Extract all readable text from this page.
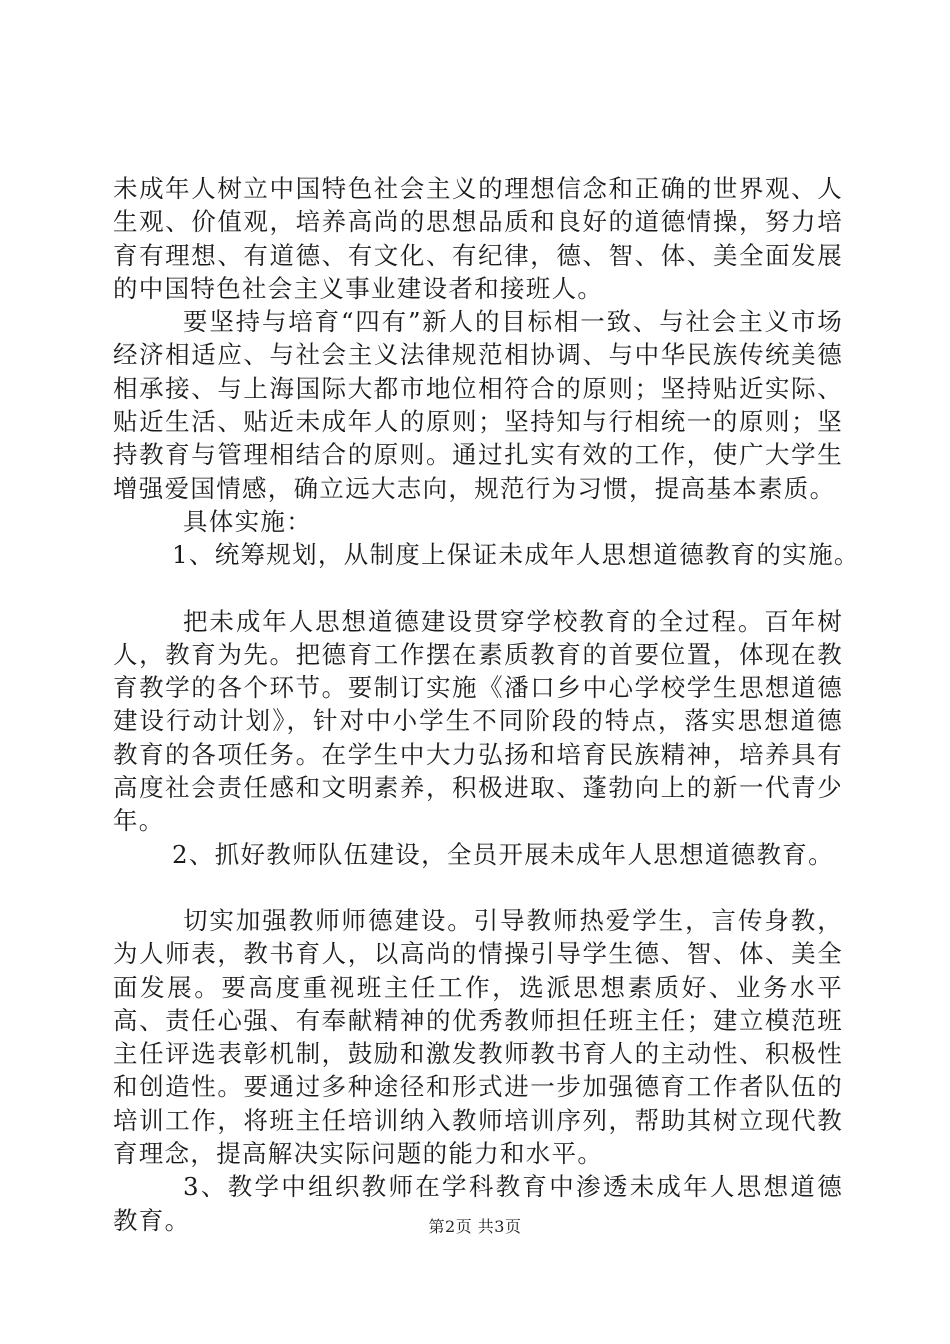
未成年人树立中国特色社会主义的理想信念和正确的世界观、人生观、价值观，培养高尚的思想品质和良好的道德情操，努力培育有理想、有道德、有文化、有纪律，德、智、体、美全面发展的中国特色社会主义事业建设者和接班人。

要坚持与培育“四有”新人的目标相一致、与社会主义市场经济相适应、与社会主义法律规范相协调、与中华民族传统美德相承接、与上海国际大都市地位相符合的原则；坚持贴近实际、贴近生活、贴近未成年人的原则；坚持知与行相统一的原则；坚持教育与管理相结合的原则。通过扎实有效的工作，使广大学生增强爱国情感，确立远大志向，规范行为习惯，提高基本素质。

具体实施：

1、统筹规划，从制度上保证未成年人思想道德教育的实施。

把未成年人思想道德建设贯穿学校教育的全过程。百年树人，教育为先。把德育工作摆在素质教育的首要位置，体现在教育教学的各个环节。要制订实施《潘口乡中心学校学生思想道德建设行动计划》，针对中小学生不同阶段的特点，落实思想道德教育的各项任务。在学生中大力弘扬和培育民族精神，培养具有高度社会责任感和文明素养，积极进取、蓬勃向上的新一代青少年。

2、抓好教师队伍建设，全员开展未成年人思想道德教育。

切实加强教师师德建设。引导教师热爱学生，言传身教，为人师表，教书育人，以高尚的情操引导学生德、智、体、美全面发展。要高度重视班主任工作，选派思想素质好、业务水平高、责任心强、有奉献精神的优秀教师担任班主任；建立模范班主任评选表彰机制，鼓励和激发教师教书育人的主动性、积极性和创造性。要通过多种途径和形式进一步加强德育工作者队伍的培训工作，将班主任培训纳入教师培训序列，帮助其树立现代教育理念，提高解决实际问题的能力和水平。

3、教学中组织教师在学科教育中渗透未成年人思想道德教育。	第2页 共3页
